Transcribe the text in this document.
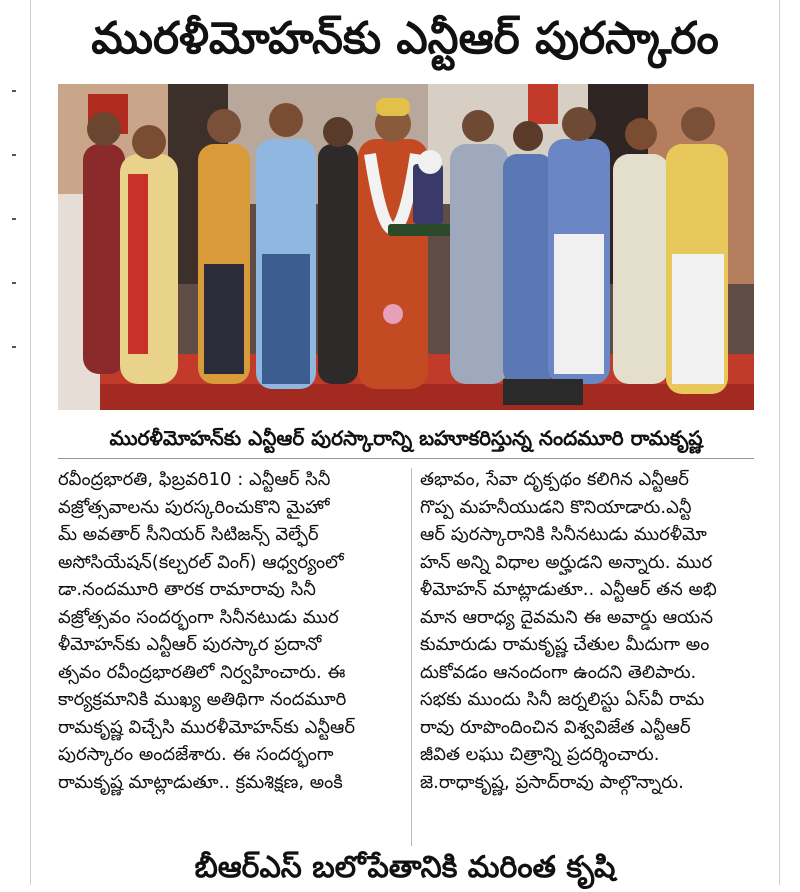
మురళీమోహన్‌కు ఎన్టీఆర్ పురస్కారం
మురళీమోహన్‌కు ఎన్టీఆర్ పురస్కారాన్ని బహూకరిస్తున్న నందమూరి రామకృష్ణ
రవీంద్రభారతి, ఫిబ్రవరి10 : ఎన్టీఆర్ సినీ
వజ్రోత్సవాలను పురస్కరించుకొని మైహో
మ్ అవతార్ సీనియర్ సిటిజన్స్ వెల్ఫేర్
అసోసియేషన్(కల్చరల్ వింగ్) ఆధ్వర్యంలో
డా.నందమూరి తారక రామారావు సినీ
వజ్రోత్సవం సందర్భంగా సినీనటుడు ముర
ళీమోహన్‌కు ఎన్టీఆర్ పురస్కార ప్రదానో
త్సవం రవీంద్రభారతిలో నిర్వహించారు. ఈ
కార్యక్రమానికి ముఖ్య అతిథిగా నందమూరి
రామకృష్ణ విచ్చేసి మురళీమోహన్‌కు ఎన్టీఆర్
పురస్కారం అందజేశారు. ఈ సందర్భంగా
రామకృష్ణ మాట్లాడుతూ.. క్రమశిక్షణ, అంకి
తభావం, సేవా దృక్పథం కలిగిన ఎన్టీఆర్
గొప్ప మహనీయుడని కొనియాడారు.ఎన్టీ
ఆర్ పురస్కారానికి సినీనటుడు మురళీమో
హన్ అన్ని విధాల అర్హుడని అన్నారు. ముర
ళీమోహన్ మాట్లాడుతూ.. ఎన్టీఆర్ తన అభి
మాన ఆరాధ్య దైవమని ఈ అవార్డు ఆయన
కుమారుడు రామకృష్ణ చేతుల మీదుగా అం
దుకోవడం ఆనందంగా ఉందని తెలిపారు.
సభకు ముందు సినీ జర్నలిస్టు ఏస్‌వీ రామ
రావు రూపొందించిన విశ్వవిజేత ఎన్టీఆర్
జీవిత లఘు చిత్రాన్ని ప్రదర్శించారు.
జె.రాధాకృష్ణ, ప్రసాద్‌రావు పాల్గొన్నారు.
బీఆర్‌ఎస్ బలోపేతానికి మరింత కృషి
